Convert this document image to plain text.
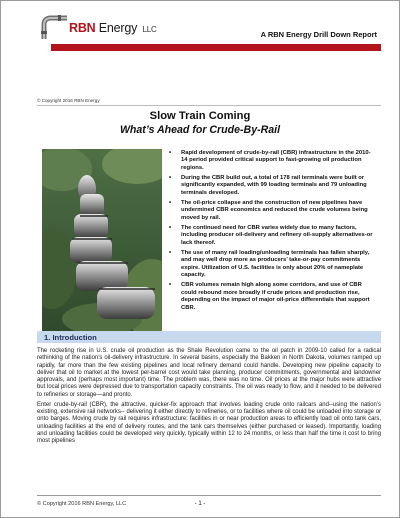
RBN Energy LLC
A RBN Energy Drill Down Report
© Copyright 2016 RBN Energy
Slow Train Coming
What’s Ahead for Crude-By-Rail
• Rapid development of crude-by-rail (CBR) infrastructure in the 2010-14 period provided critical support to fast-growing oil production regions.
• During the CBR build out, a total of 178 rail terminals were built or significantly expanded, with 99 loading terminals and 79 unloading terminals developed.
• The oil-price collapse and the construction of new pipelines have undermined CBR economics and reduced the crude volumes being moved by rail.
• The continued need for CBR varies widely due to many factors, including producer oil-delivery and refinery oil-supply alternatives-or lack thereof.
• The use of many rail loading/unloading terminals has fallen sharply, and may well drop more as producers’ take-or-pay commitments expire. Utilization of U.S. facilities is only about 20% of nameplate capacity.
• CBR volumes remain high along some corridors, and use of CBR could rebound more broadly if crude prices and production rise, depending on the impact of major oil-price differentials that support CBR.
1. Introduction

The rocketing rise in U.S. crude oil production as the Shale Revolution came to the oil patch in 2009-10 called for a radical rethinking of the nation’s oil-delivery infrastructure. In several basins, especially the Bakken in North Dakota, volumes ramped up rapidly, far more than the few existing pipelines and local refinery demand could handle. Developing new pipeline capacity to deliver that oil to market at the lowest per-barrel cost would take planning, producer commitments, governmental and landowner approvals, and (perhaps most important) time. The problem was, there was no time. Oil prices at the major hubs were attractive but local prices were depressed due to transportation capacity constraints. The oil was ready to flow, and it needed to be delivered to refineries or storage—and pronto.

Enter crude-by-rail (CBR), the attractive, quicker-fix approach that involves loading crude onto railcars and--using the nation’s existing, extensive rail networks-- delivering it either directly to refineries, or to facilities where oil could be unloaded into storage or onto barges. Moving crude by rail requires infrastructure: facilities in or near production areas to efficiently load oil onto tank cars, unloading facilities at the end of delivery routes, and the tank cars themselves (either purchased or leased). Importantly, loading and unloading facilities could be developed very quickly, typically within 12 to 24 months, or less than half the time it cost to bring most pipelines

© Copyright 2016 RBN Energy, LLC	- 1 -
